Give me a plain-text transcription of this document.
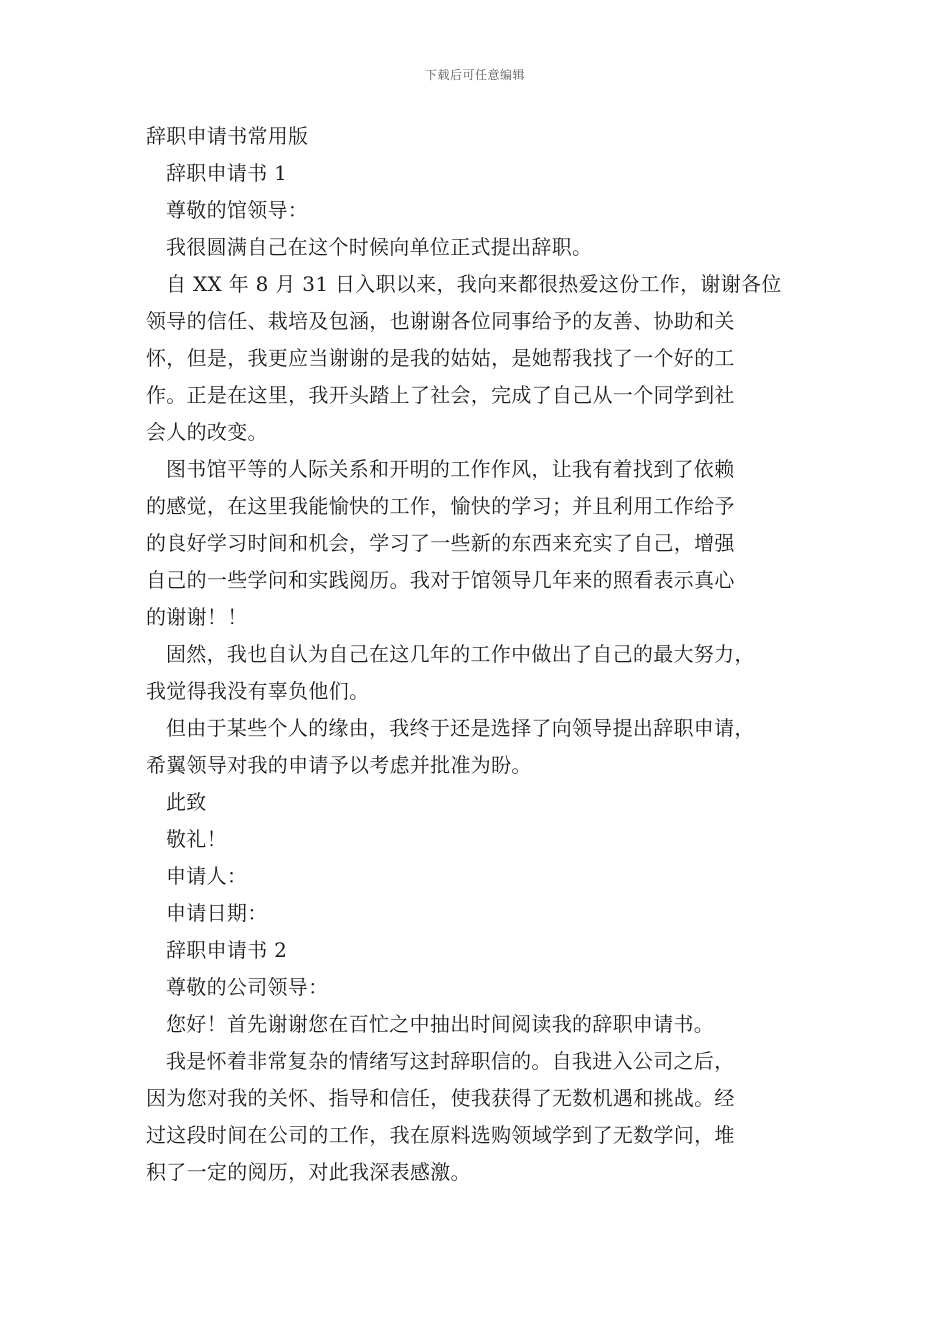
下载后可任意编辑
辞职申请书常用版
辞职申请书 1
尊敬的馆领导：
我很圆满自己在这个时候向单位正式提出辞职。
自 XX 年 8 月 31 日入职以来，我向来都很热爱这份工作，谢谢各位
领导的信任、栽培及包涵，也谢谢各位同事给予的友善、协助和关
怀，但是，我更应当谢谢的是我的姑姑，是她帮我找了一个好的工
作。正是在这里，我开头踏上了社会，完成了自己从一个同学到社
会人的改变。
图书馆平等的人际关系和开明的工作作风，让我有着找到了依赖
的感觉，在这里我能愉快的工作，愉快的学习；并且利用工作给予
的良好学习时间和机会，学习了一些新的东西来充实了自己，增强
自己的一些学问和实践阅历。我对于馆领导几年来的照看表示真心
的谢谢！！
固然，我也自认为自己在这几年的工作中做出了自己的最大努力，
我觉得我没有辜负他们。
但由于某些个人的缘由，我终于还是选择了向领导提出辞职申请，
希翼领导对我的申请予以考虑并批准为盼。
此致
敬礼！
申请人：
申请日期：
辞职申请书 2
尊敬的公司领导：
您好！首先谢谢您在百忙之中抽出时间阅读我的辞职申请书。
我是怀着非常复杂的情绪写这封辞职信的。自我进入公司之后，
因为您对我的关怀、指导和信任，使我获得了无数机遇和挑战。经
过这段时间在公司的工作，我在原料选购领域学到了无数学问，堆
积了一定的阅历，对此我深表感激。
